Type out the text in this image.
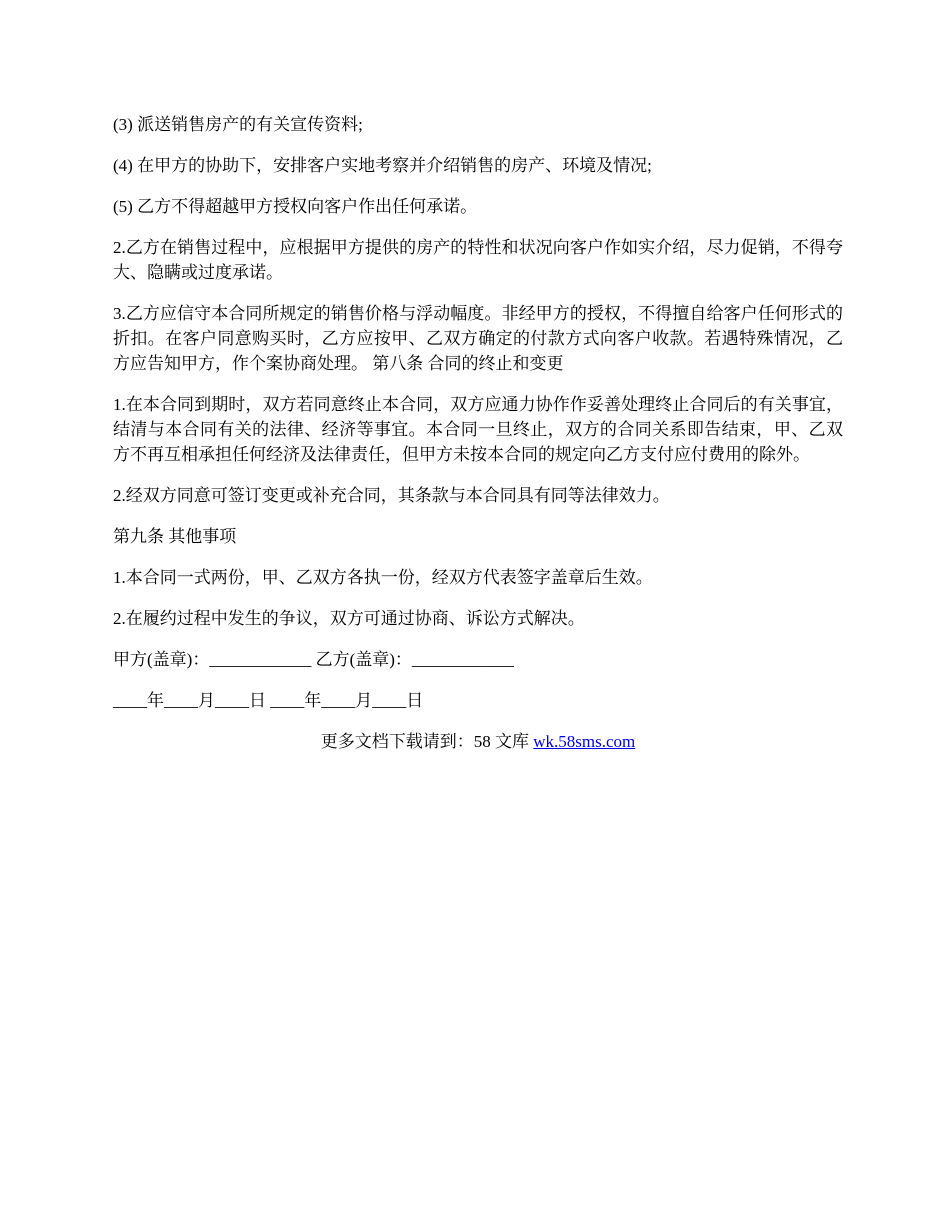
(3) 派送销售房产的有关宣传资料;

(4) 在甲方的协助下，安排客户实地考察并介绍销售的房产、环境及情况;

(5) 乙方不得超越甲方授权向客户作出任何承诺。

2.乙方在销售过程中，应根据甲方提供的房产的特性和状况向客户作如实介绍，尽力促销，不得夸大、隐瞒或过度承诺。

3.乙方应信守本合同所规定的销售价格与浮动幅度。非经甲方的授权，不得擅自给客户任何形式的折扣。在客户同意购买时，乙方应按甲、乙双方确定的付款方式向客户收款。若遇特殊情况，乙方应告知甲方，作个案协商处理。 第八条 合同的终止和变更

1.在本合同到期时，双方若同意终止本合同，双方应通力协作作妥善处理终止合同后的有关事宜，结清与本合同有关的法律、经济等事宜。本合同一旦终止，双方的合同关系即告结束，甲、乙双方不再互相承担任何经济及法律责任，但甲方未按本合同的规定向乙方支付应付费用的除外。

2.经双方同意可签订变更或补充合同，其条款与本合同具有同等法律效力。

第九条 其他事项

1.本合同一式两份，甲、乙双方各执一份，经双方代表签字盖章后生效。

2.在履约过程中发生的争议，双方可通过协商、诉讼方式解决。

甲方(盖章)：____________ 乙方(盖章)：____________

____年____月____日 ____年____月____日

更多文档下载请到：58 文库 wk.58sms.com
